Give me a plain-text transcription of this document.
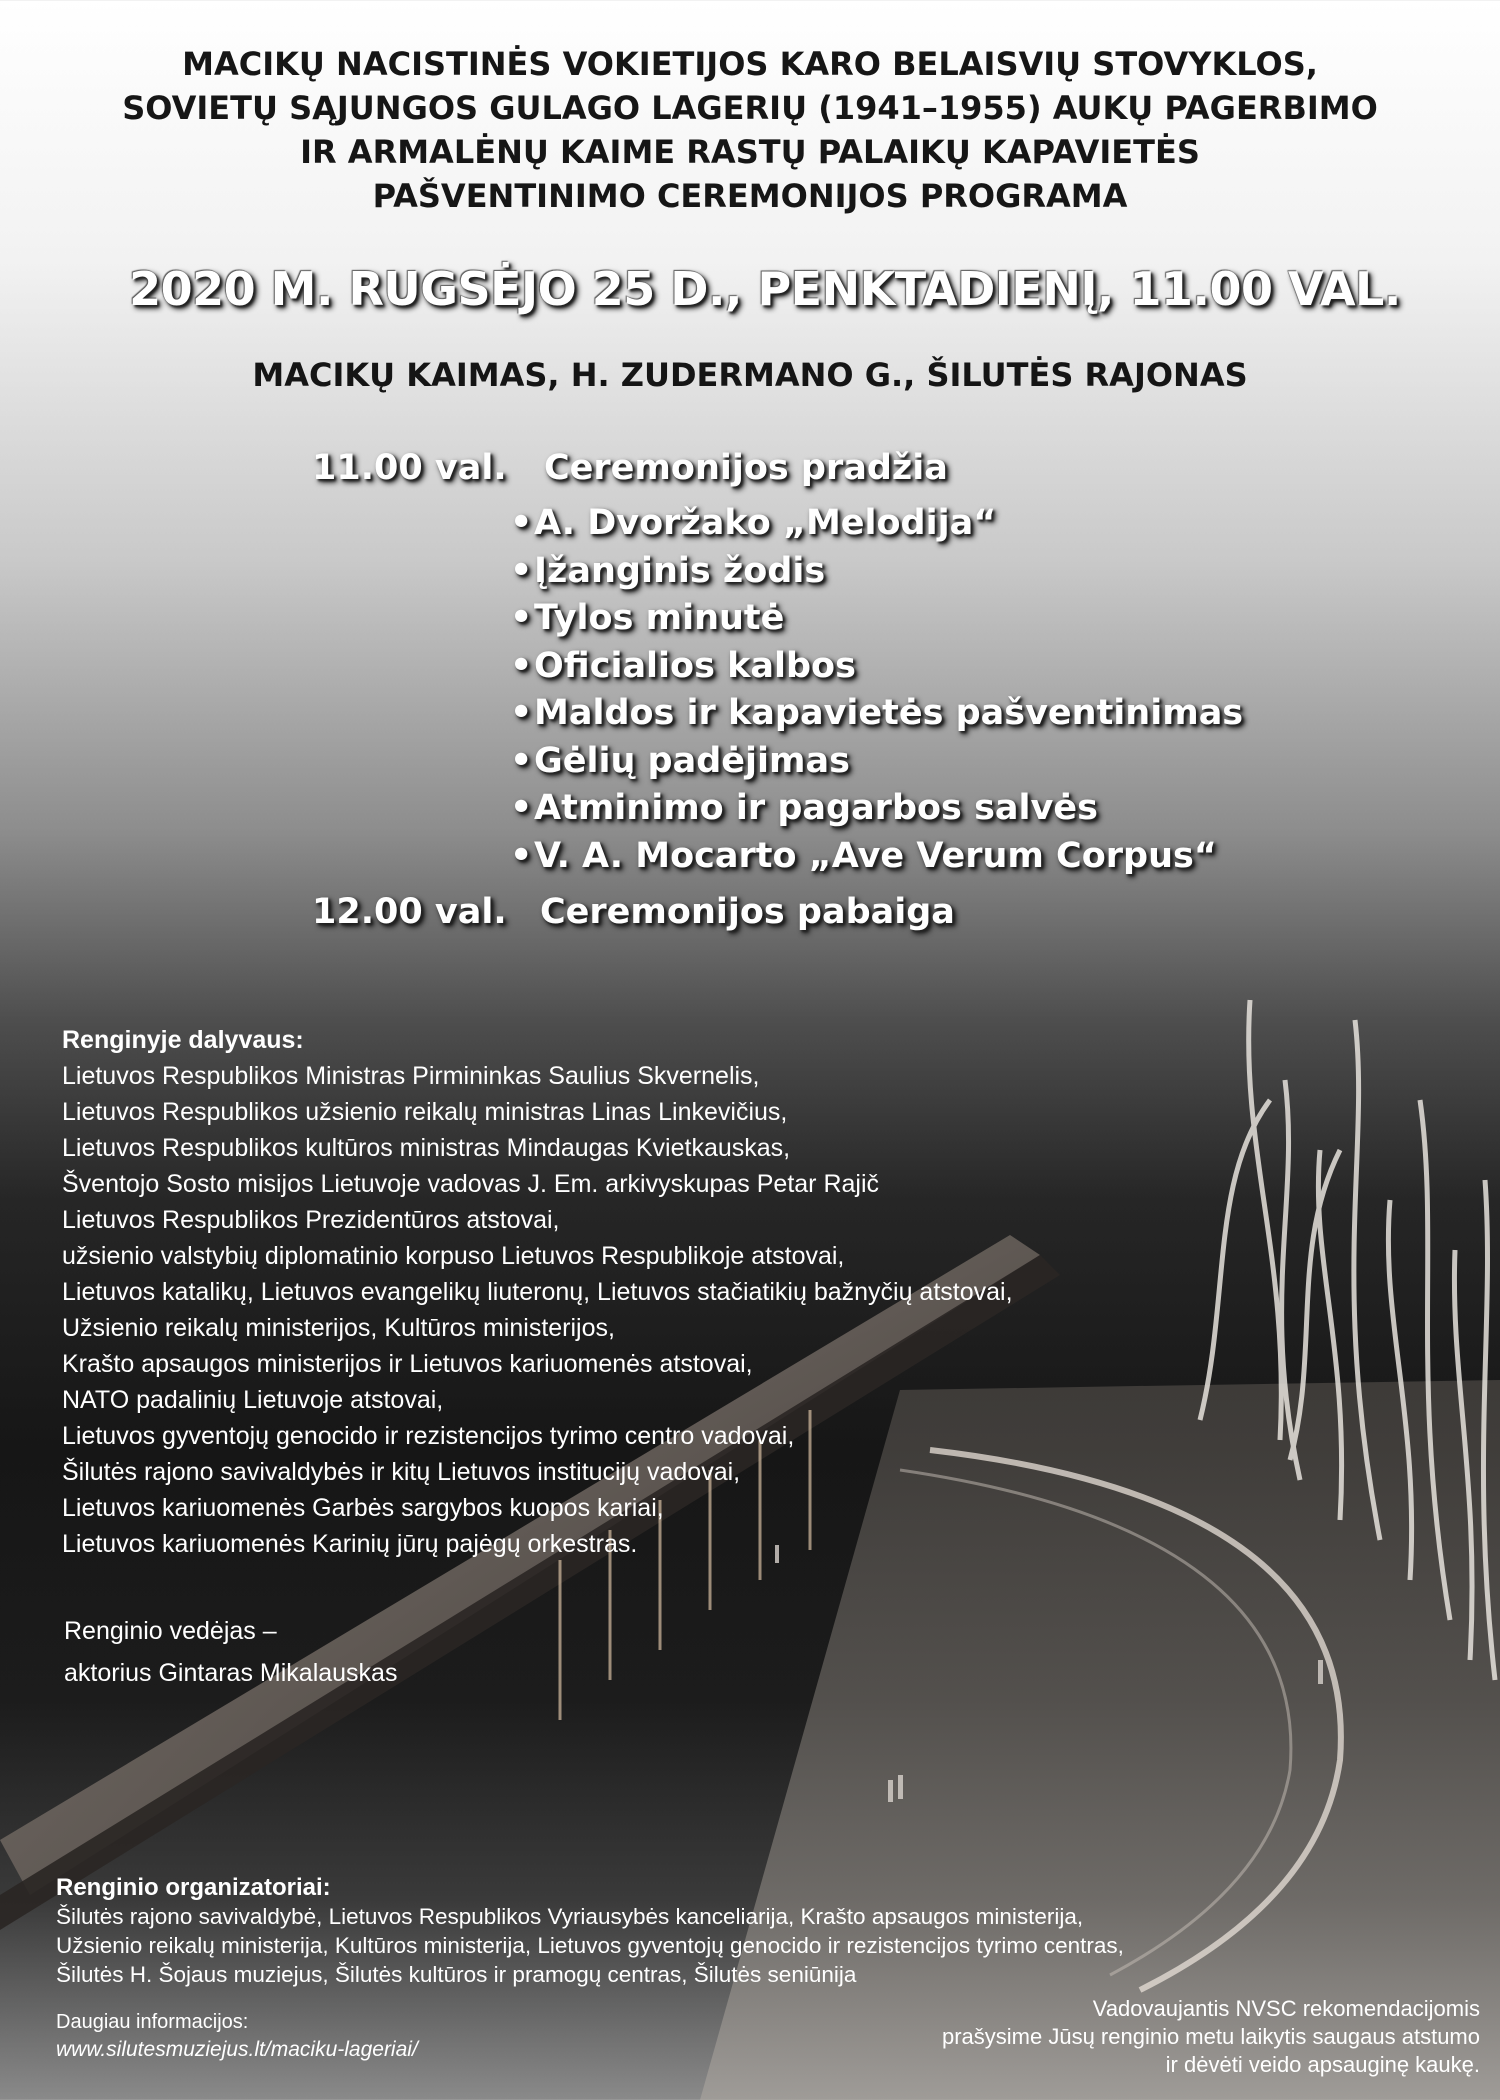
MACIKŲ NACISTINĖS VOKIETIJOS KARO BELAISVIŲ STOVYKLOS,
SOVIETŲ SĄJUNGOS GULAGO LAGERIŲ (1941–1955) AUKŲ PAGERBIMO
IR ARMALĖNŲ KAIME RASTŲ PALAIKŲ KAPAVIETĖS
PAŠVENTINIMO CEREMONIJOS PROGRAMA
2020 M. RUGSĖJO 25 D., PENKTADIENĮ, 11.00 VAL.
MACIKŲ KAIMAS, H. ZUDERMANO G., ŠILUTĖS RAJONAS
11.00 val. Ceremonijos pradžia
•A. Dvoržako „Melodija“
•Įžanginis žodis
•Tylos minutė
•Oficialios kalbos
•Maldos ir kapavietės pašventinimas
•Gėlių padėjimas
•Atminimo ir pagarbos salvės
•V. A. Mocarto „Ave Verum Corpus“
12.00 val. Ceremonijos pabaiga
Renginyje dalyvaus:
Lietuvos Respublikos Ministras Pirmininkas Saulius Skvernelis,
Lietuvos Respublikos užsienio reikalų ministras Linas Linkevičius,
Lietuvos Respublikos kultūros ministras Mindaugas Kvietkauskas,
Šventojo Sosto misijos Lietuvoje vadovas J. Em. arkivyskupas Petar Rajič
Lietuvos Respublikos Prezidentūros atstovai,
užsienio valstybių diplomatinio korpuso Lietuvos Respublikoje atstovai,
Lietuvos katalikų, Lietuvos evangelikų liuteronų, Lietuvos stačiatikių bažnyčių atstovai,
Užsienio reikalų ministerijos, Kultūros ministerijos,
Krašto apsaugos ministerijos ir Lietuvos kariuomenės atstovai,
NATO padalinių Lietuvoje atstovai,
Lietuvos gyventojų genocido ir rezistencijos tyrimo centro vadovai,
Šilutės rajono savivaldybės ir kitų Lietuvos institucijų vadovai,
Lietuvos kariuomenės Garbės sargybos kuopos kariai,
Lietuvos kariuomenės Karinių jūrų pajėgų orkestras.
Renginio vedėjas –
aktorius Gintaras Mikalauskas
Renginio organizatoriai:
Šilutės rajono savivaldybė, Lietuvos Respublikos Vyriausybės kanceliarija, Krašto apsaugos ministerija,
Užsienio reikalų ministerija, Kultūros ministerija, Lietuvos gyventojų genocido ir rezistencijos tyrimo centras,
Šilutės H. Šojaus muziejus, Šilutės kultūros ir pramogų centras, Šilutės seniūnija
Daugiau informacijos:
www.silutesmuziejus.lt/maciku-lageriai/
Vadovaujantis NVSC rekomendacijomis
prašysime Jūsų renginio metu laikytis saugaus atstumo
ir dėvėti veido apsauginę kaukę.
